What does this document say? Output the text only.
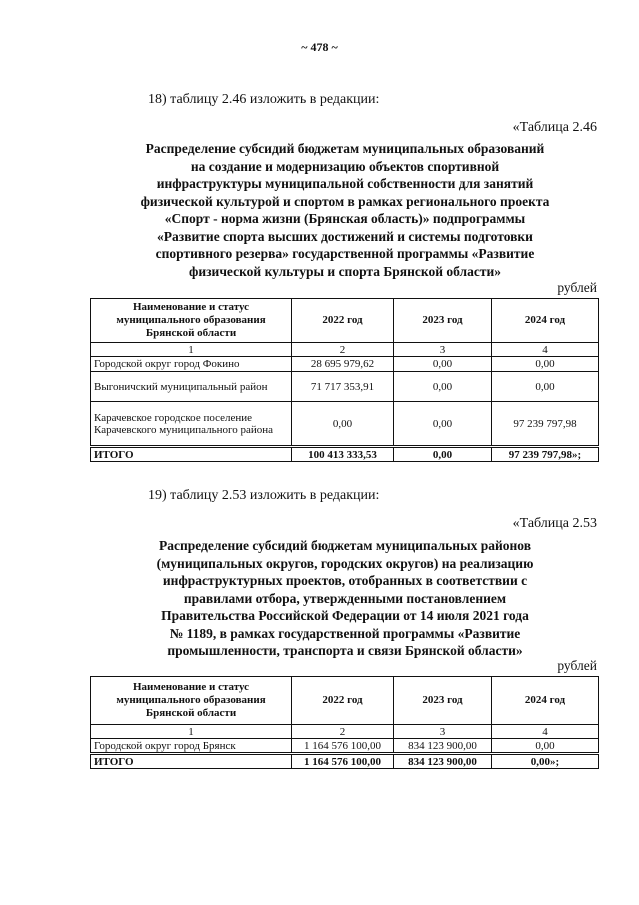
~ 478 ~
18) таблицу 2.46 изложить в редакции:
«Таблица 2.46
Распределение субсидий бюджетам муниципальных образований
на создание и модернизацию объектов спортивной
инфраструктуры муниципальной собственности для занятий
физической культурой и спортом в рамках регионального проекта
«Спорт - норма жизни (Брянская область)» подпрограммы
«Развитие спорта высших достижений и системы подготовки
спортивного резерва» государственной программы «Развитие
физической культуры и спорта Брянской области»
рублей
Наименование и статус муниципального образования Брянской области	2022 год	2023 год	2024 год
1	2	3	4
Городской округ город Фокино	28 695 979,62	0,00	0,00
Выгоничский муниципальный район	71 717 353,91	0,00	0,00
Карачевское городское поселение Карачевского муниципального района	0,00	0,00	97 239 797,98
ИТОГО	100 413 333,53	0,00	97 239 797,98»;
19) таблицу 2.53 изложить в редакции:
«Таблица 2.53
Распределение субсидий бюджетам муниципальных районов
(муниципальных округов, городских округов) на реализацию
инфраструктурных проектов, отобранных в соответствии с
правилами отбора, утвержденными постановлением
Правительства Российской Федерации от 14 июля 2021 года
№ 1189, в рамках государственной программы «Развитие
промышленности, транспорта и связи Брянской области»
рублей
Наименование и статус муниципального образования Брянской области	2022 год	2023 год	2024 год
1	2	3	4
Городской округ город Брянск	1 164 576 100,00	834 123 900,00	0,00
ИТОГО	1 164 576 100,00	834 123 900,00	0,00»;
